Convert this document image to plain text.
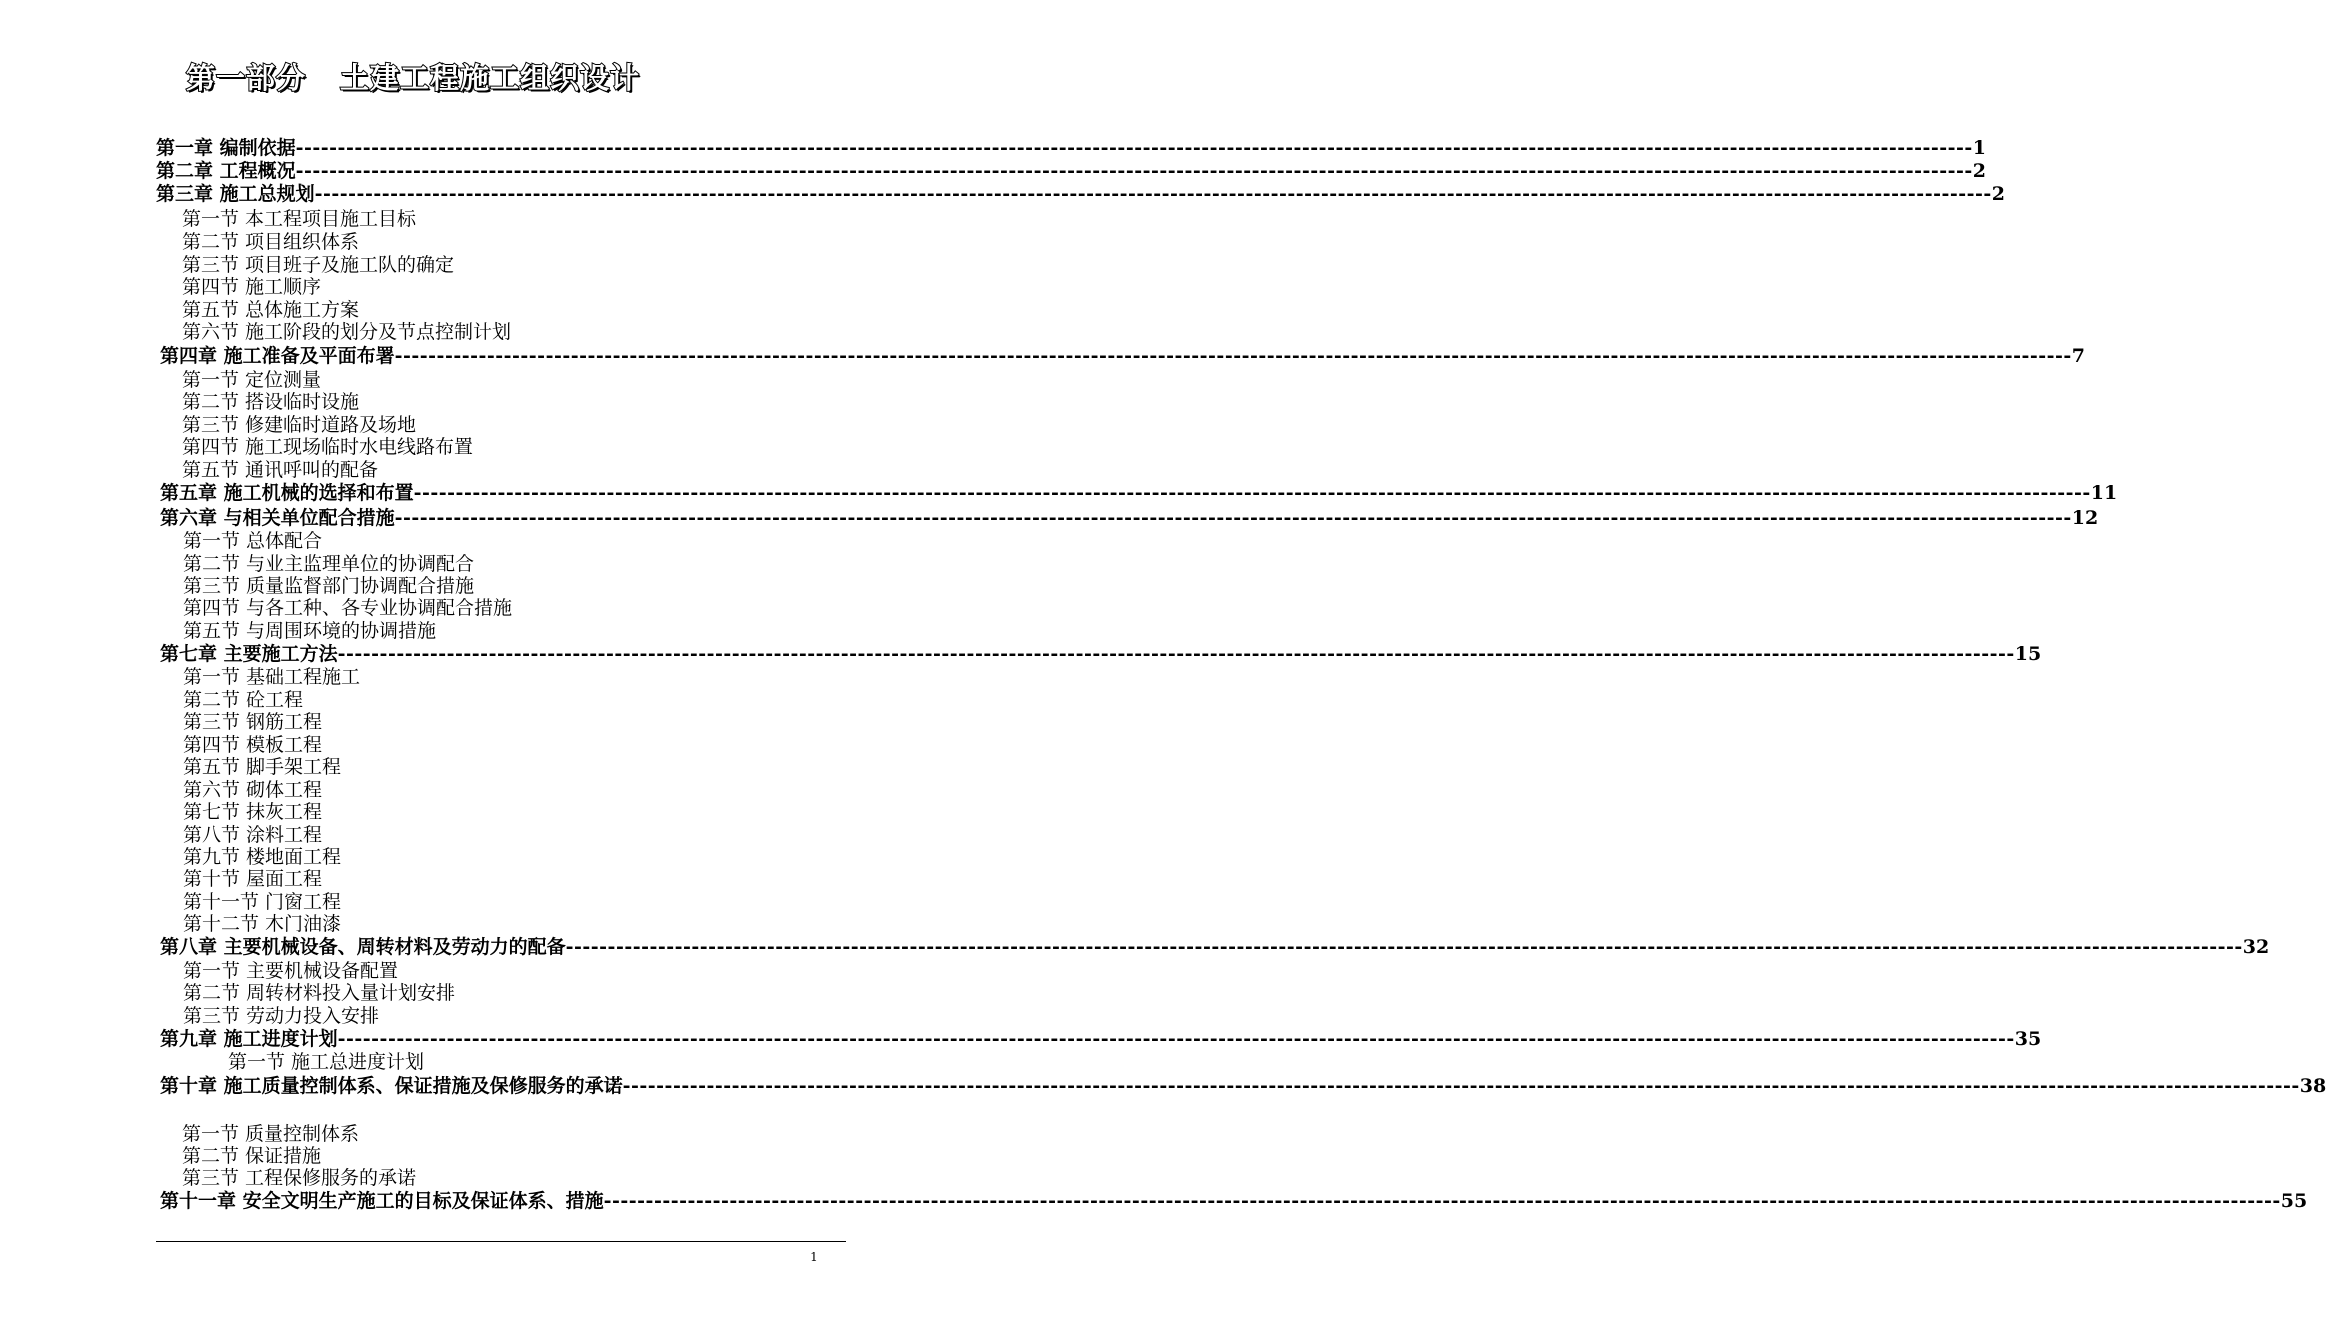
第一部分 土建工程施工组织设计
第一章 编制依据 -------------------------------------------------------------------------------------------------------------------------------------------------------------------------------------------------------- 1
第二章 工程概况 -------------------------------------------------------------------------------------------------------------------------------------------------------------------------------------------------------- 2
第三章 施工总规划 -------------------------------------------------------------------------------------------------------------------------------------------------------------------------------------------------------- 2
第一节 本工程项目施工目标
第二节 项目组织体系
第三节 项目班子及施工队的确定
第四节 施工顺序
第五节 总体施工方案
第六节 施工阶段的划分及节点控制计划
第四章 施工准备及平面布署 -------------------------------------------------------------------------------------------------------------------------------------------------------------------------------------------------------- 7
第一节 定位测量
第二节 搭设临时设施
第三节 修建临时道路及场地
第四节 施工现场临时水电线路布置
第五节 通讯呼叫的配备
第五章 施工机械的选择和布置 -------------------------------------------------------------------------------------------------------------------------------------------------------------------------------------------------------- 11
第六章 与相关单位配合措施 -------------------------------------------------------------------------------------------------------------------------------------------------------------------------------------------------------- 12
第一节 总体配合
第二节 与业主监理单位的协调配合
第三节 质量监督部门协调配合措施
第四节 与各工种、各专业协调配合措施
第五节 与周围环境的协调措施
第七章 主要施工方法 -------------------------------------------------------------------------------------------------------------------------------------------------------------------------------------------------------- 15
第一节 基础工程施工
第二节 砼工程
第三节 钢筋工程
第四节 模板工程
第五节 脚手架工程
第六节 砌体工程
第七节 抹灰工程
第八节 涂料工程
第九节 楼地面工程
第十节 屋面工程
第十一节 门窗工程
第十二节 木门油漆
第八章 主要机械设备、周转材料及劳动力的配备 -------------------------------------------------------------------------------------------------------------------------------------------------------------------------------------------------------- 32
第一节 主要机械设备配置
第二节 周转材料投入量计划安排
第三节 劳动力投入安排
第九章 施工进度计划 -------------------------------------------------------------------------------------------------------------------------------------------------------------------------------------------------------- 35
第一节 施工总进度计划
第十章 施工质量控制体系、保证措施及保修服务的承诺 -------------------------------------------------------------------------------------------------------------------------------------------------------------------------------------------------------- 38
第一节 质量控制体系
第二节 保证措施
第三节 工程保修服务的承诺
第十一章 安全文明生产施工的目标及保证体系、措施 -------------------------------------------------------------------------------------------------------------------------------------------------------------------------------------------------------- 55
1
